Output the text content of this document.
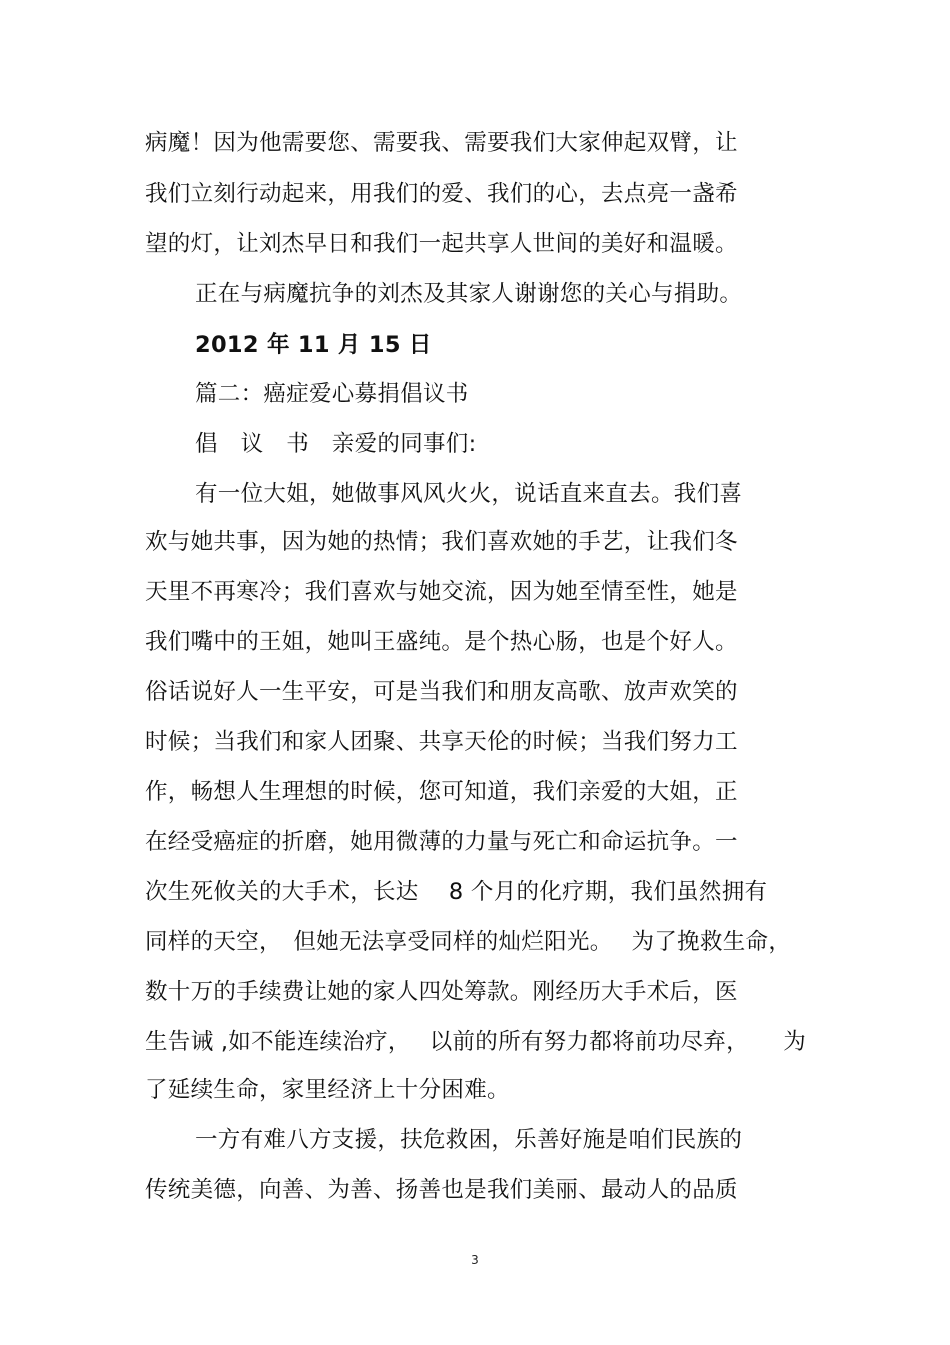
病魔！因为他需要您、需要我、需要我们大家伸起双臂，让
我们立刻行动起来，用我们的爱、我们的心，去点亮一盏希
望的灯，让刘杰早日和我们一起共享人世间的美好和温暖。
正在与病魔抗争的刘杰及其家人谢谢您的关心与捐助。
2012 年 11 月 15 日
篇二：癌症爱心募捐倡议书
倡　议　书　亲爱的同事们:
有一位大姐，她做事风风火火，说话直来直去。我们喜
欢与她共事，因为她的热情；我们喜欢她的手艺，让我们冬
天里不再寒冷；我们喜欢与她交流，因为她至情至性，她是
我们嘴中的王姐，她叫王盛纯。是个热心肠，也是个好人。
俗话说好人一生平安，可是当我们和朋友高歌、放声欢笑的
时候；当我们和家人团聚、共享天伦的时候；当我们努力工
作，畅想人生理想的时候，您可知道，我们亲爱的大姐，正
在经受癌症的折磨，她用微薄的力量与死亡和命运抗争。一
次生死攸关的大手术，长达　 8 个月的化疗期，我们虽然拥有
同样的天空，　但她无法享受同样的灿烂阳光。　 为了挽救生命，
数十万的手续费让她的家人四处筹款。刚经历大手术后，医
生告诫 ,如不能连续治疗，　 以前的所有努力都将前功尽弃，　　为
了延续生命，家里经济上十分困难。
一方有难八方支援，扶危救困，乐善好施是咱们民族的
传统美德，向善、为善、扬善也是我们美丽、最动人的品质
3
